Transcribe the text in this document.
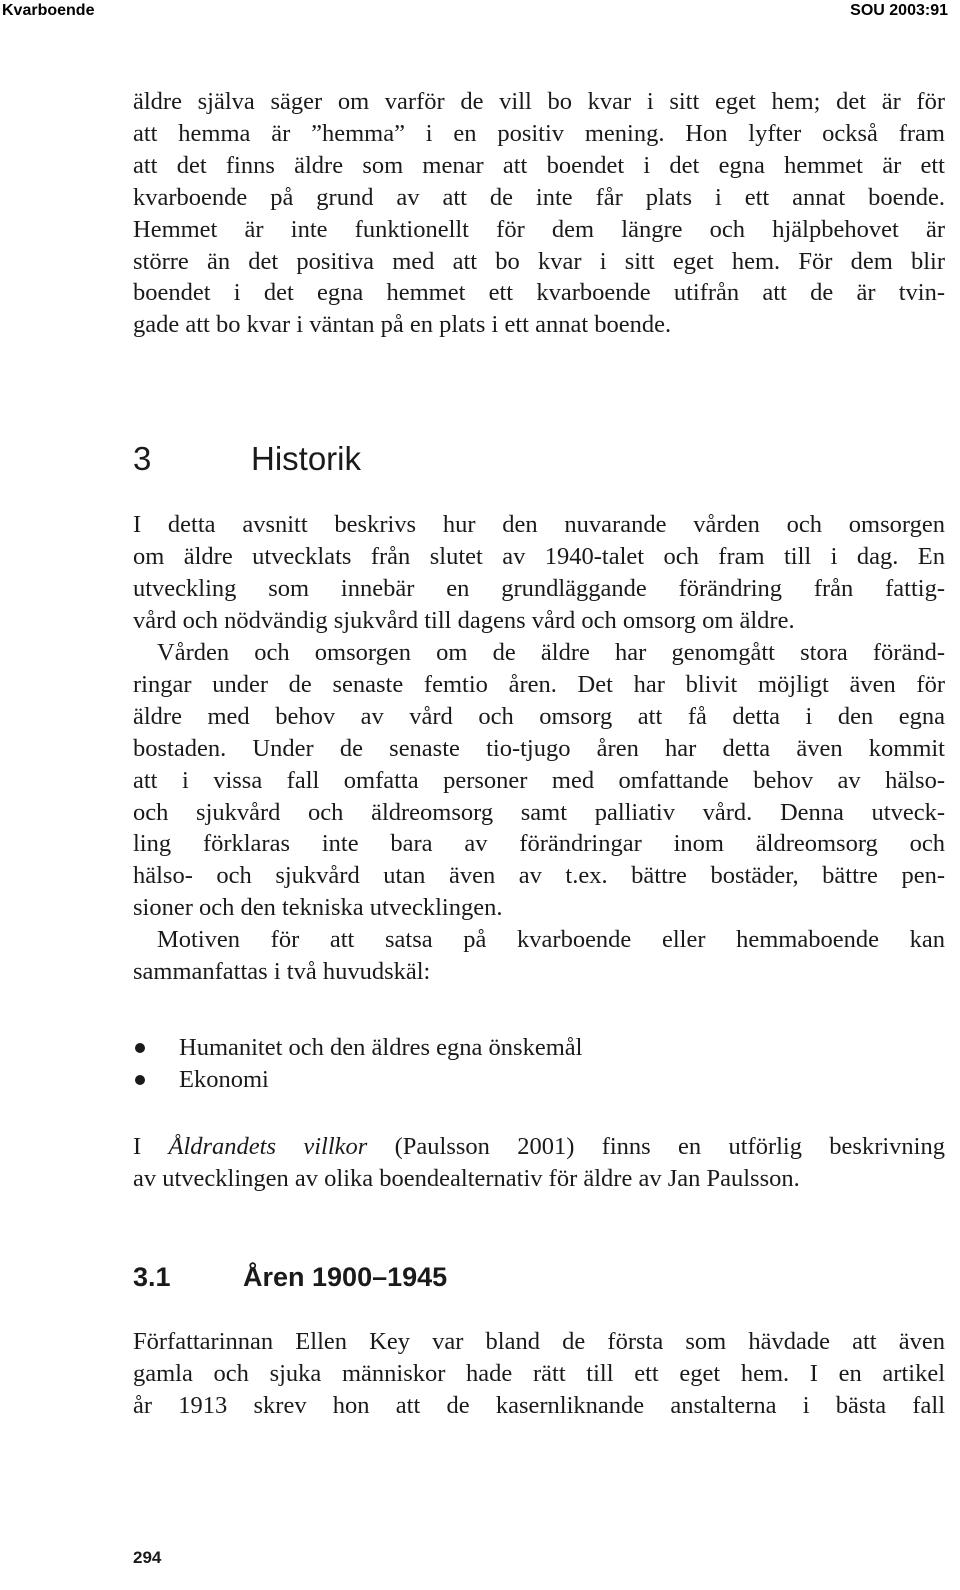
Kvarboende	SOU 2003:91
äldre själva säger om varför de vill bo kvar i sitt eget hem; det är för
att hemma är ”hemma” i en positiv mening. Hon lyfter också fram
att det finns äldre som menar att boendet i det egna hemmet är ett
kvarboende på grund av att de inte får plats i ett annat boende.
Hemmet är inte funktionellt för dem längre och hjälpbehovet är
större än det positiva med att bo kvar i sitt eget hem. För dem blir
boendet i det egna hemmet ett kvarboende utifrån att de är tvin-
gade att bo kvar i väntan på en plats i ett annat boende.
3	Historik
I detta avsnitt beskrivs hur den nuvarande vården och omsorgen
om äldre utvecklats från slutet av 1940-talet och fram till i dag. En
utveckling som innebär en grundläggande förändring från fattig-
vård och nödvändig sjukvård till dagens vård och omsorg om äldre.
Vården och omsorgen om de äldre har genomgått stora föränd-
ringar under de senaste femtio åren. Det har blivit möjligt även för
äldre med behov av vård och omsorg att få detta i den egna
bostaden. Under de senaste tio-tjugo åren har detta även kommit
att i vissa fall omfatta personer med omfattande behov av hälso-
och sjukvård och äldreomsorg samt palliativ vård. Denna utveck-
ling förklaras inte bara av förändringar inom äldreomsorg och
hälso- och sjukvård utan även av t.ex. bättre bostäder, bättre pen-
sioner och den tekniska utvecklingen.
Motiven för att satsa på kvarboende eller hemmaboende kan
sammanfattas i två huvudskäl:
Humanitet och den äldres egna önskemål
Ekonomi
I Åldrandets villkor (Paulsson 2001) finns en utförlig beskrivning
av utvecklingen av olika boendealternativ för äldre av Jan Paulsson.
3.1	Åren 1900–1945
Författarinnan Ellen Key var bland de första som hävdade att även
gamla och sjuka människor hade rätt till ett eget hem. I en artikel
år 1913 skrev hon att de kasernliknande anstalterna i bästa fall
294
